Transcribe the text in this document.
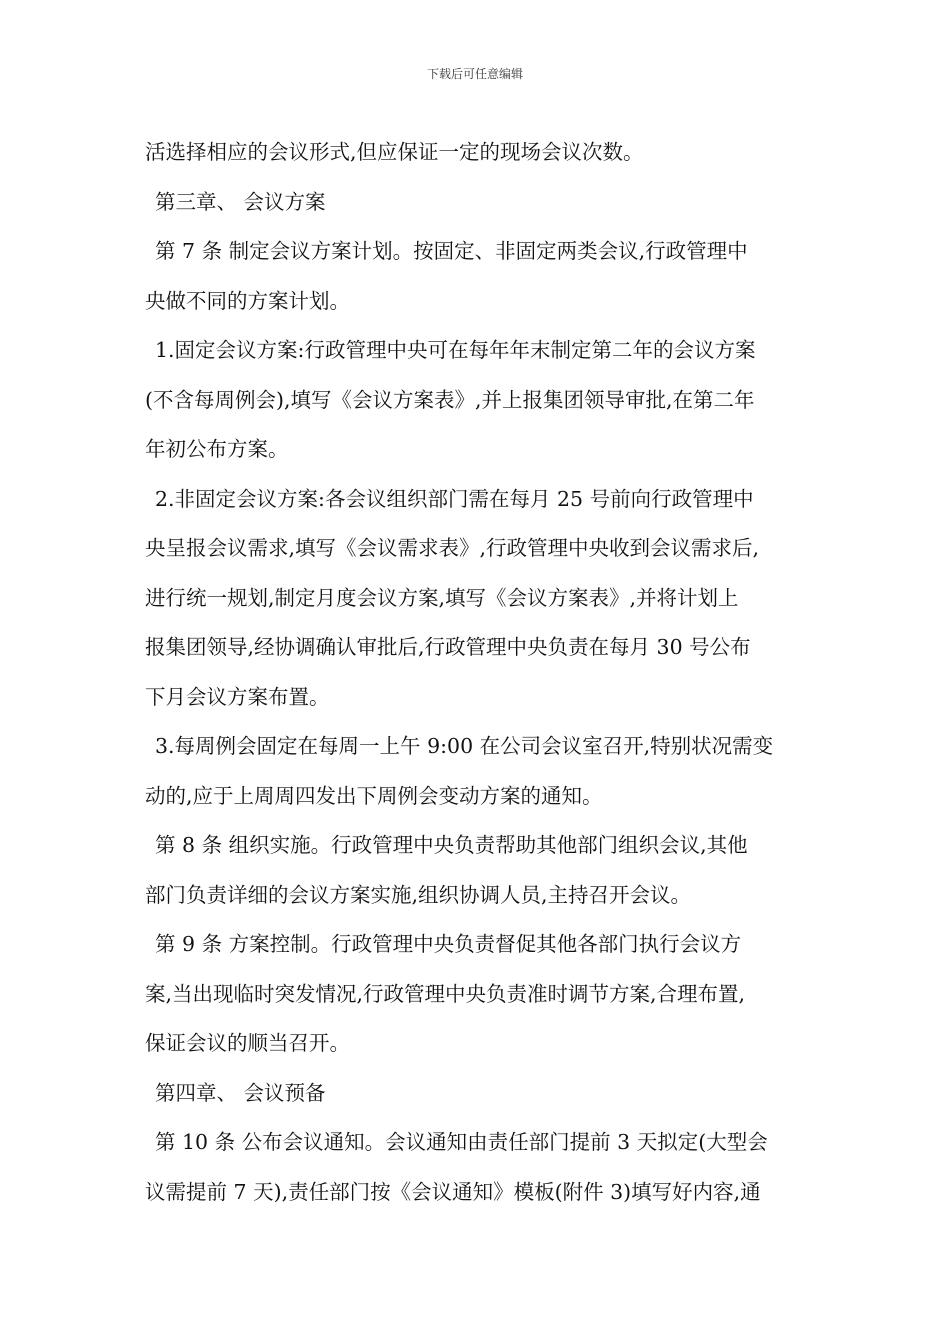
下载后可任意编辑
活选择相应的会议形式,但应保证一定的现场会议次数。
第三章、 会议方案
第 7 条 制定会议方案计划。按固定、非固定两类会议,行政管理中
央做不同的方案计划。
1.固定会议方案:行政管理中央可在每年年末制定第二年的会议方案
(不含每周例会),填写《会议方案表》,并上报集团领导审批,在第二年
年初公布方案。
2.非固定会议方案:各会议组织部门需在每月 25 号前向行政管理中
央呈报会议需求,填写《会议需求表》,行政管理中央收到会议需求后,
进行统一规划,制定月度会议方案,填写《会议方案表》,并将计划上
报集团领导,经协调确认审批后,行政管理中央负责在每月 30 号公布
下月会议方案布置。
3.每周例会固定在每周一上午 9:00 在公司会议室召开,特别状况需变
动的,应于上周周四发出下周例会变动方案的通知。
第 8 条 组织实施。行政管理中央负责帮助其他部门组织会议,其他
部门负责详细的会议方案实施,组织协调人员,主持召开会议。
第 9 条 方案控制。行政管理中央负责督促其他各部门执行会议方
案,当出现临时突发情况,行政管理中央负责准时调节方案,合理布置,
保证会议的顺当召开。
第四章、 会议预备
第 10 条 公布会议通知。会议通知由责任部门提前 3 天拟定(大型会
议需提前 7 天),责任部门按《会议通知》模板(附件 3)填写好内容,通
